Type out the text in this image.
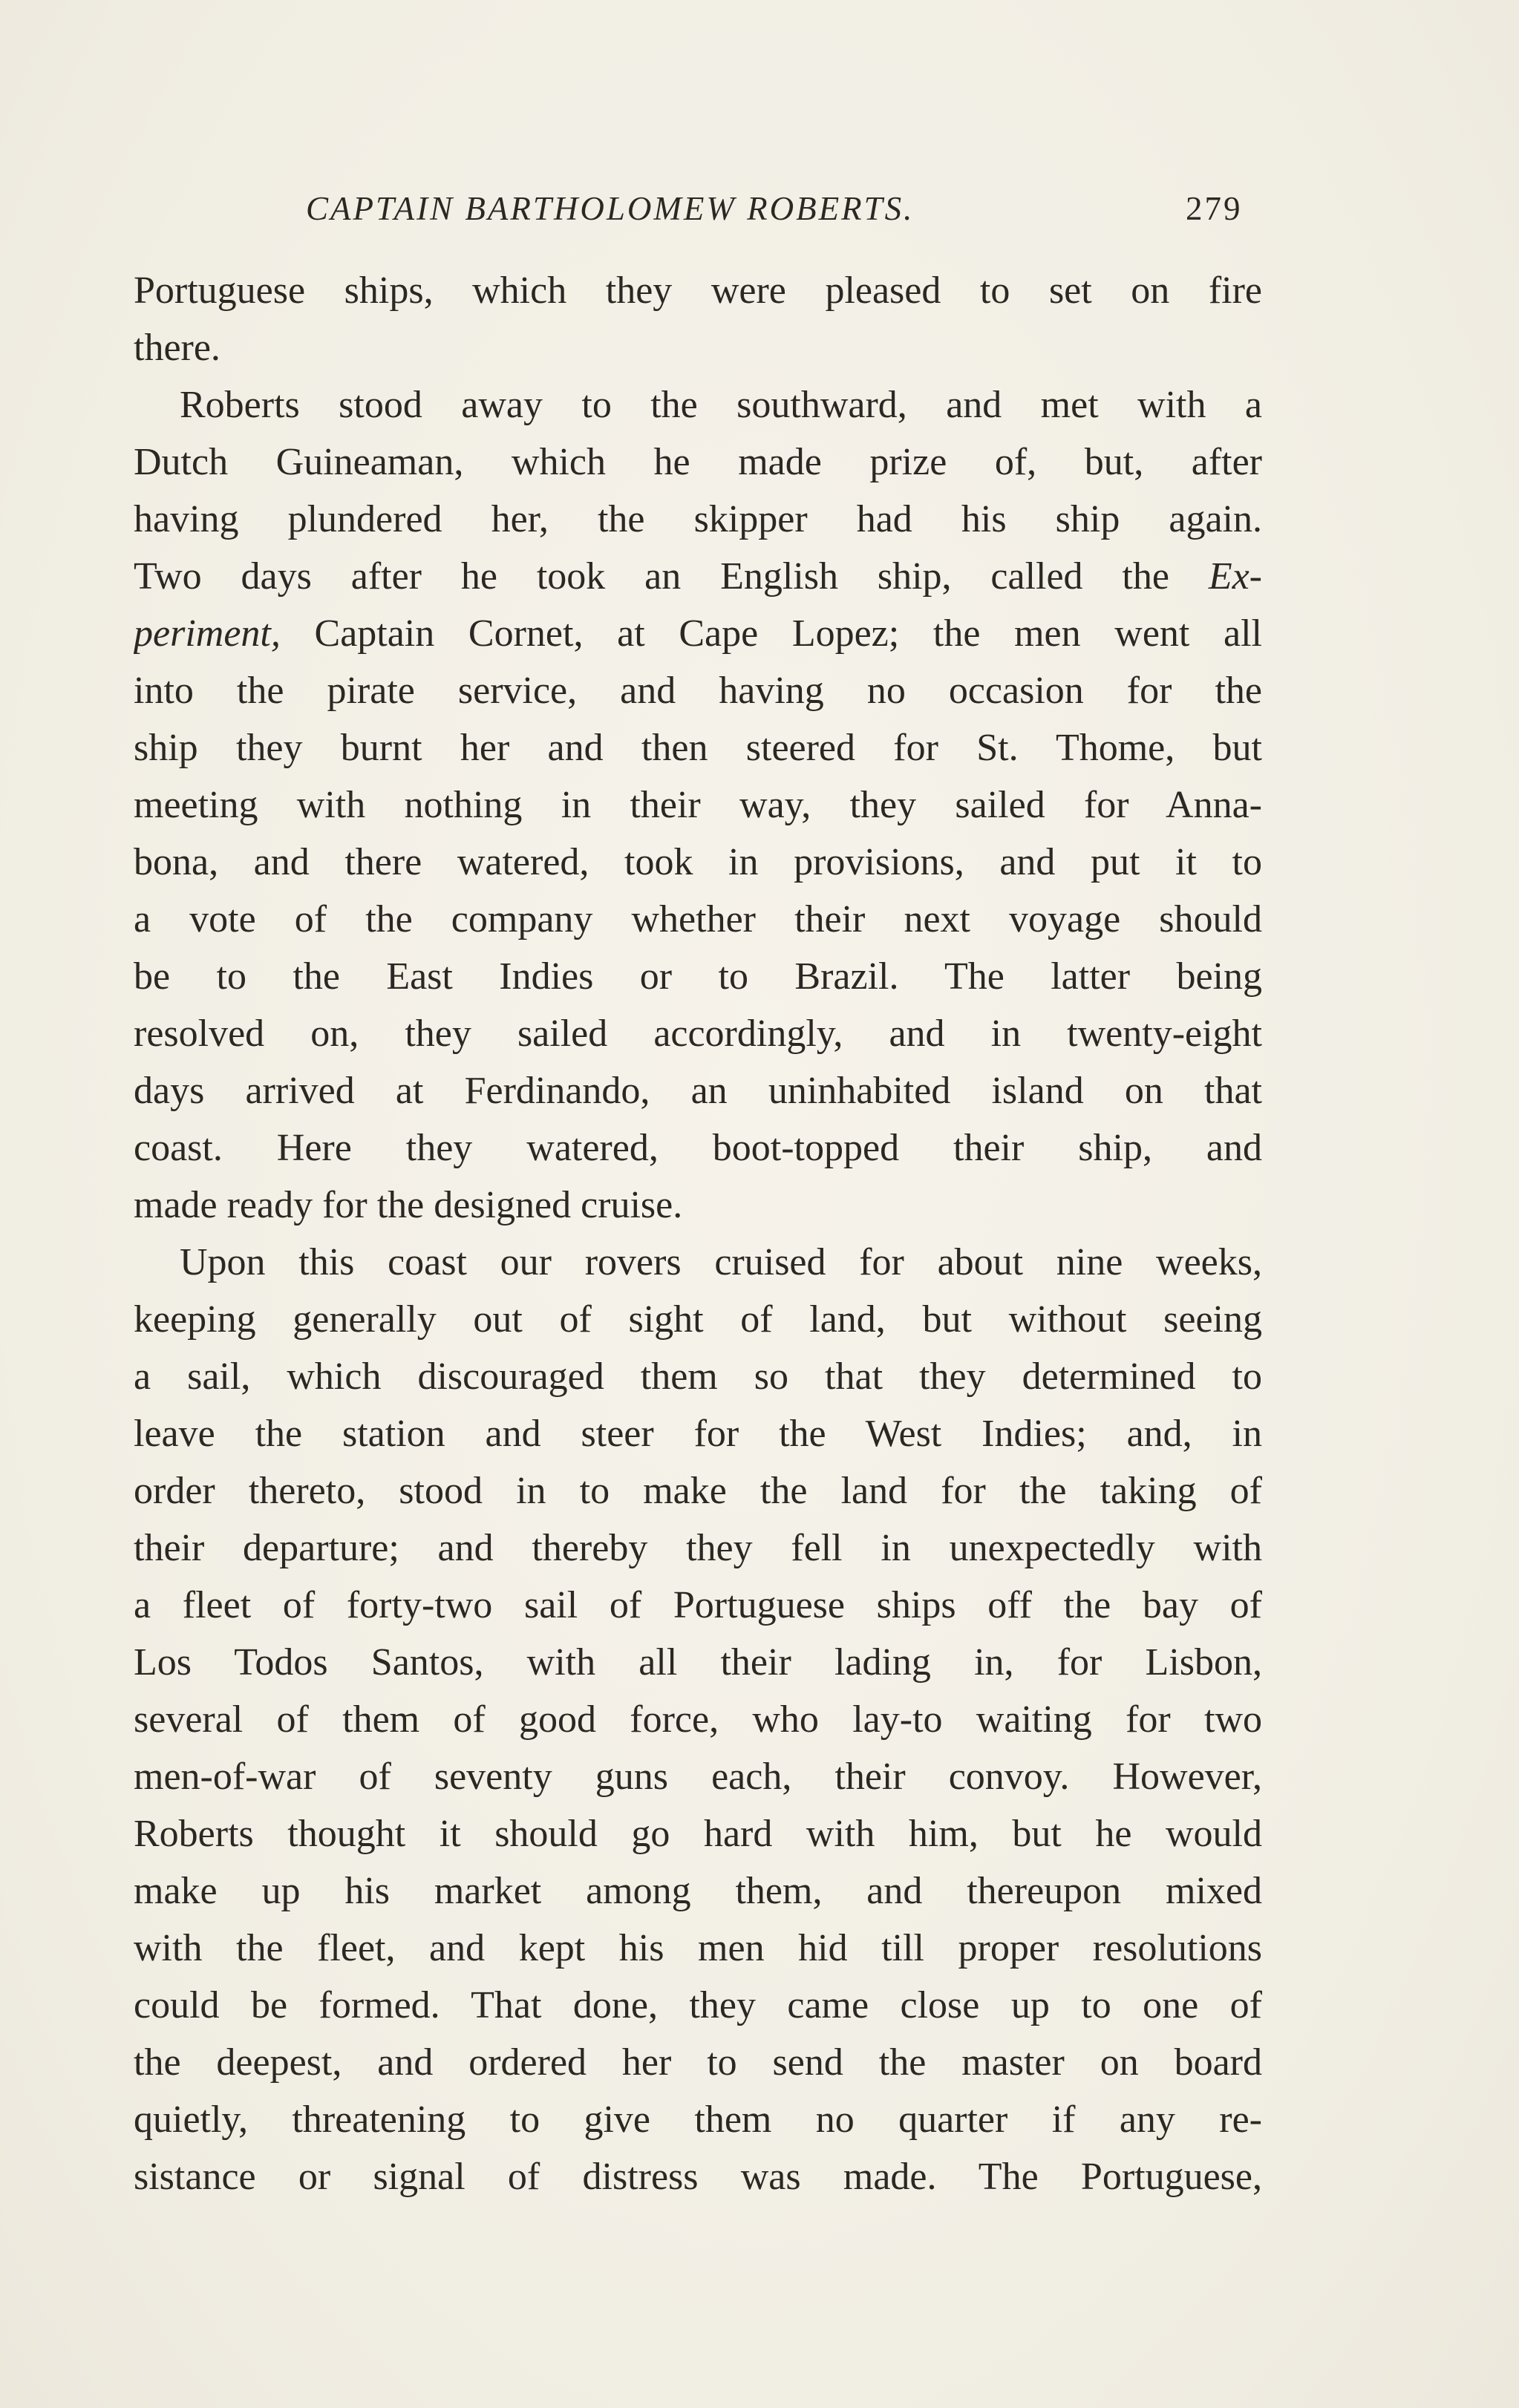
CAPTAIN BARTHOLOMEW ROBERTS.	279
Portuguese ships, which they were pleased to set on fire
there.
Roberts stood away to the southward, and met with a
Dutch Guineaman, which he made prize of, but, after
having plundered her, the skipper had his ship again.
Two days after he took an English ship, called the Ex-
periment, Captain Cornet, at Cape Lopez; the men went all
into the pirate service, and having no occasion for the
ship they burnt her and then steered for St. Thome, but
meeting with nothing in their way, they sailed for Anna-
bona, and there watered, took in provisions, and put it to
a vote of the company whether their next voyage should
be to the East Indies or to Brazil. The latter being
resolved on, they sailed accordingly, and in twenty-eight
days arrived at Ferdinando, an uninhabited island on that
coast. Here they watered, boot-topped their ship, and
made ready for the designed cruise.
Upon this coast our rovers cruised for about nine weeks,
keeping generally out of sight of land, but without seeing
a sail, which discouraged them so that they determined to
leave the station and steer for the West Indies; and, in
order thereto, stood in to make the land for the taking of
their departure; and thereby they fell in unexpectedly with
a fleet of forty-two sail of Portuguese ships off the bay of
Los Todos Santos, with all their lading in, for Lisbon,
several of them of good force, who lay-to waiting for two
men-of-war of seventy guns each, their convoy. However,
Roberts thought it should go hard with him, but he would
make up his market among them, and thereupon mixed
with the fleet, and kept his men hid till proper resolutions
could be formed. That done, they came close up to one of
the deepest, and ordered her to send the master on board
quietly, threatening to give them no quarter if any re-
sistance or signal of distress was made. The Portuguese,
